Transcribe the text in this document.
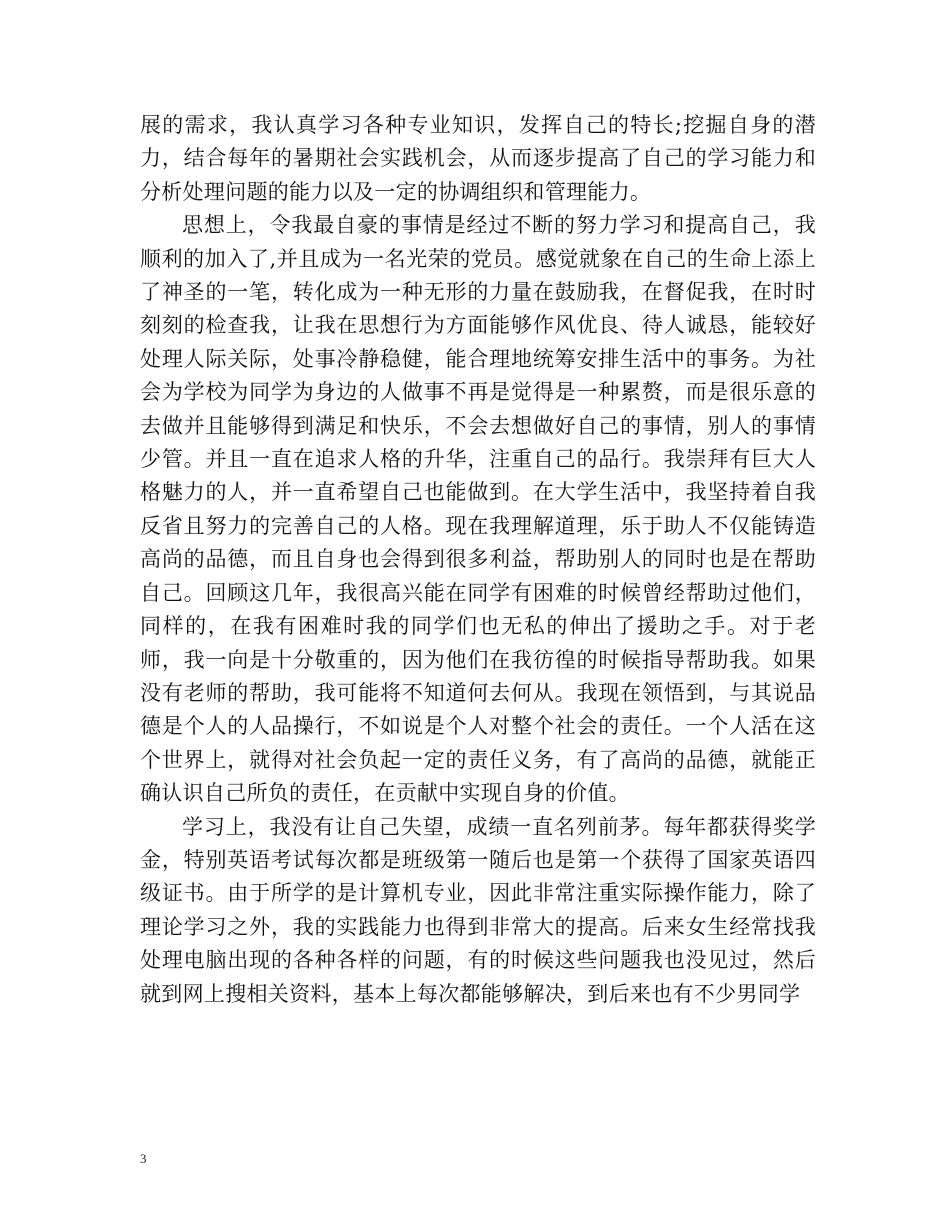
展的需求，我认真学习各种专业知识，发挥自己的特长;挖掘自身的潜力，结合每年的暑期社会实践机会，从而逐步提高了自己的学习能力和分析处理问题的能力以及一定的协调组织和管理能力。

思想上，令我最自豪的事情是经过不断的努力学习和提高自己，我顺利的加入了,并且成为一名光荣的党员。感觉就象在自己的生命上添上了神圣的一笔，转化成为一种无形的力量在鼓励我，在督促我，在时时刻刻的检查我，让我在思想行为方面能够作风优良、待人诚恳，能较好处理人际关际，处事冷静稳健，能合理地统筹安排生活中的事务。为社会为学校为同学为身边的人做事不再是觉得是一种累赘，而是很乐意的去做并且能够得到满足和快乐，不会去想做好自己的事情，别人的事情少管。并且一直在追求人格的升华，注重自己的品行。我崇拜有巨大人格魅力的人，并一直希望自己也能做到。在大学生活中，我坚持着自我反省且努力的完善自己的人格。现在我理解道理，乐于助人不仅能铸造高尚的品德，而且自身也会得到很多利益，帮助别人的同时也是在帮助自己。回顾这几年，我很高兴能在同学有困难的时候曾经帮助过他们，同样的，在我有困难时我的同学们也无私的伸出了援助之手。对于老师，我一向是十分敬重的，因为他们在我彷徨的时候指导帮助我。如果没有老师的帮助，我可能将不知道何去何从。我现在领悟到，与其说品德是个人的人品操行，不如说是个人对整个社会的责任。一个人活在这个世界上，就得对社会负起一定的责任义务，有了高尚的品德，就能正确认识自己所负的责任，在贡献中实现自身的价值。

学习上，我没有让自己失望，成绩一直名列前茅。每年都获得奖学金，特别英语考试每次都是班级第一随后也是第一个获得了国家英语四级证书。由于所学的是计算机专业，因此非常注重实际操作能力，除了理论学习之外，我的实践能力也得到非常大的提高。后来女生经常找我处理电脑出现的各种各样的问题，有的时候这些问题我也没见过，然后就到网上搜相关资料，基本上每次都能够解决，到后来也有不少男同学

3
